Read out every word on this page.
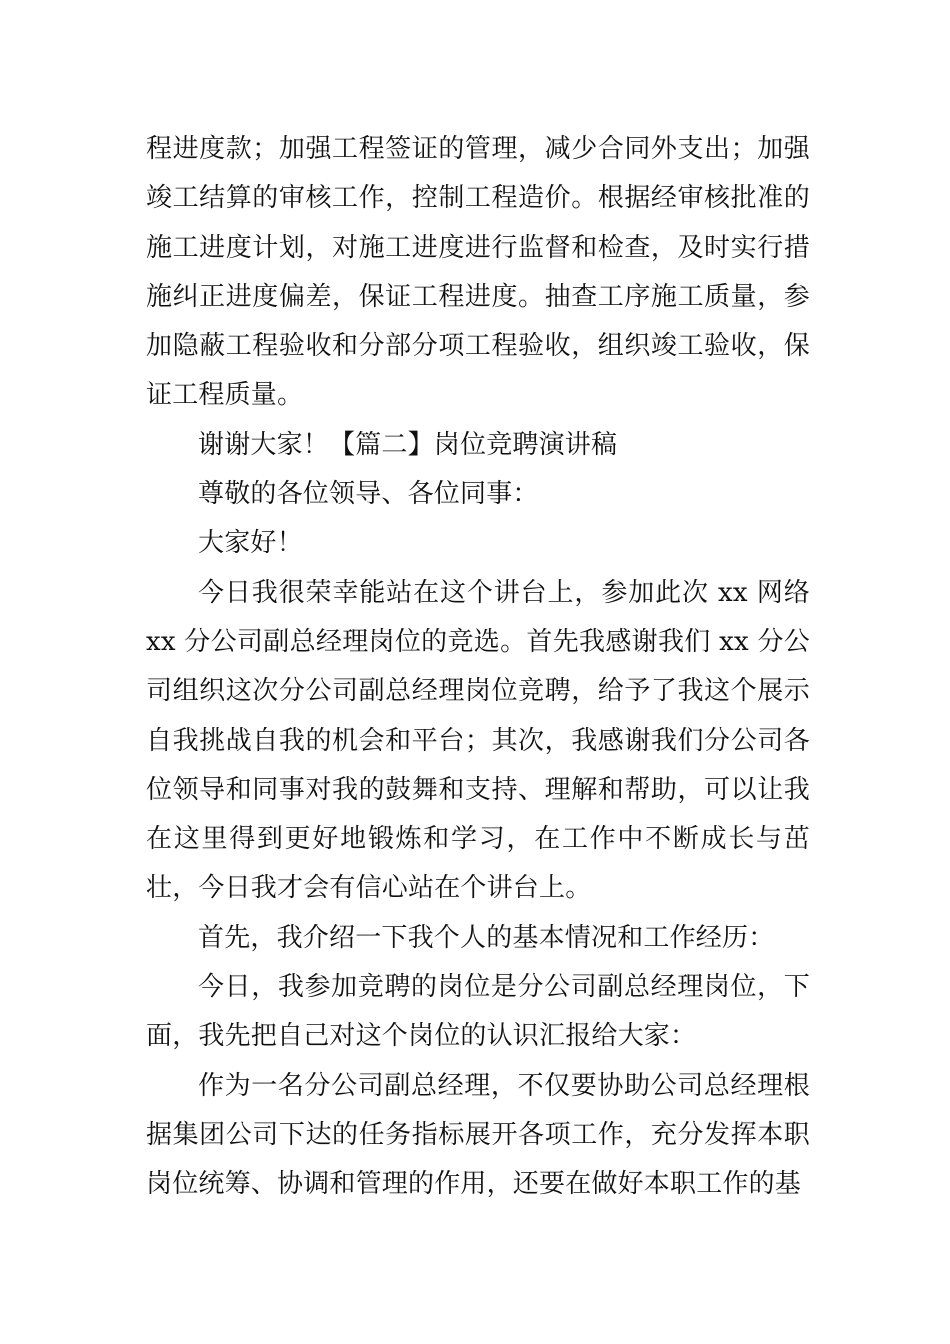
程进度款；加强工程签证的管理，减少合同外支出；加强竣工结算的审核工作，控制工程造价。根据经审核批准的施工进度计划，对施工进度进行监督和检查，及时实行措施纠正进度偏差，保证工程进度。抽查工序施工质量，参加隐蔽工程验收和分部分项工程验收，组织竣工验收，保证工程质量。

谢谢大家！【篇二】岗位竞聘演讲稿

尊敬的各位领导、各位同事：

大家好！

今日我很荣幸能站在这个讲台上，参加此次 xx 网络 xx 分公司副总经理岗位的竞选。首先我感谢我们 xx 分公司组织这次分公司副总经理岗位竞聘，给予了我这个展示自我挑战自我的机会和平台；其次，我感谢我们分公司各位领导和同事对我的鼓舞和支持、理解和帮助，可以让我在这里得到更好地锻炼和学习，在工作中不断成长与茁壮，今日我才会有信心站在个讲台上。

首先，我介绍一下我个人的基本情况和工作经历：

今日，我参加竞聘的岗位是分公司副总经理岗位，下面，我先把自己对这个岗位的认识汇报给大家：

作为一名分公司副总经理，不仅要协助公司总经理根据集团公司下达的任务指标展开各项工作，充分发挥本职岗位统筹、协调和管理的作用，还要在做好本职工作的基
